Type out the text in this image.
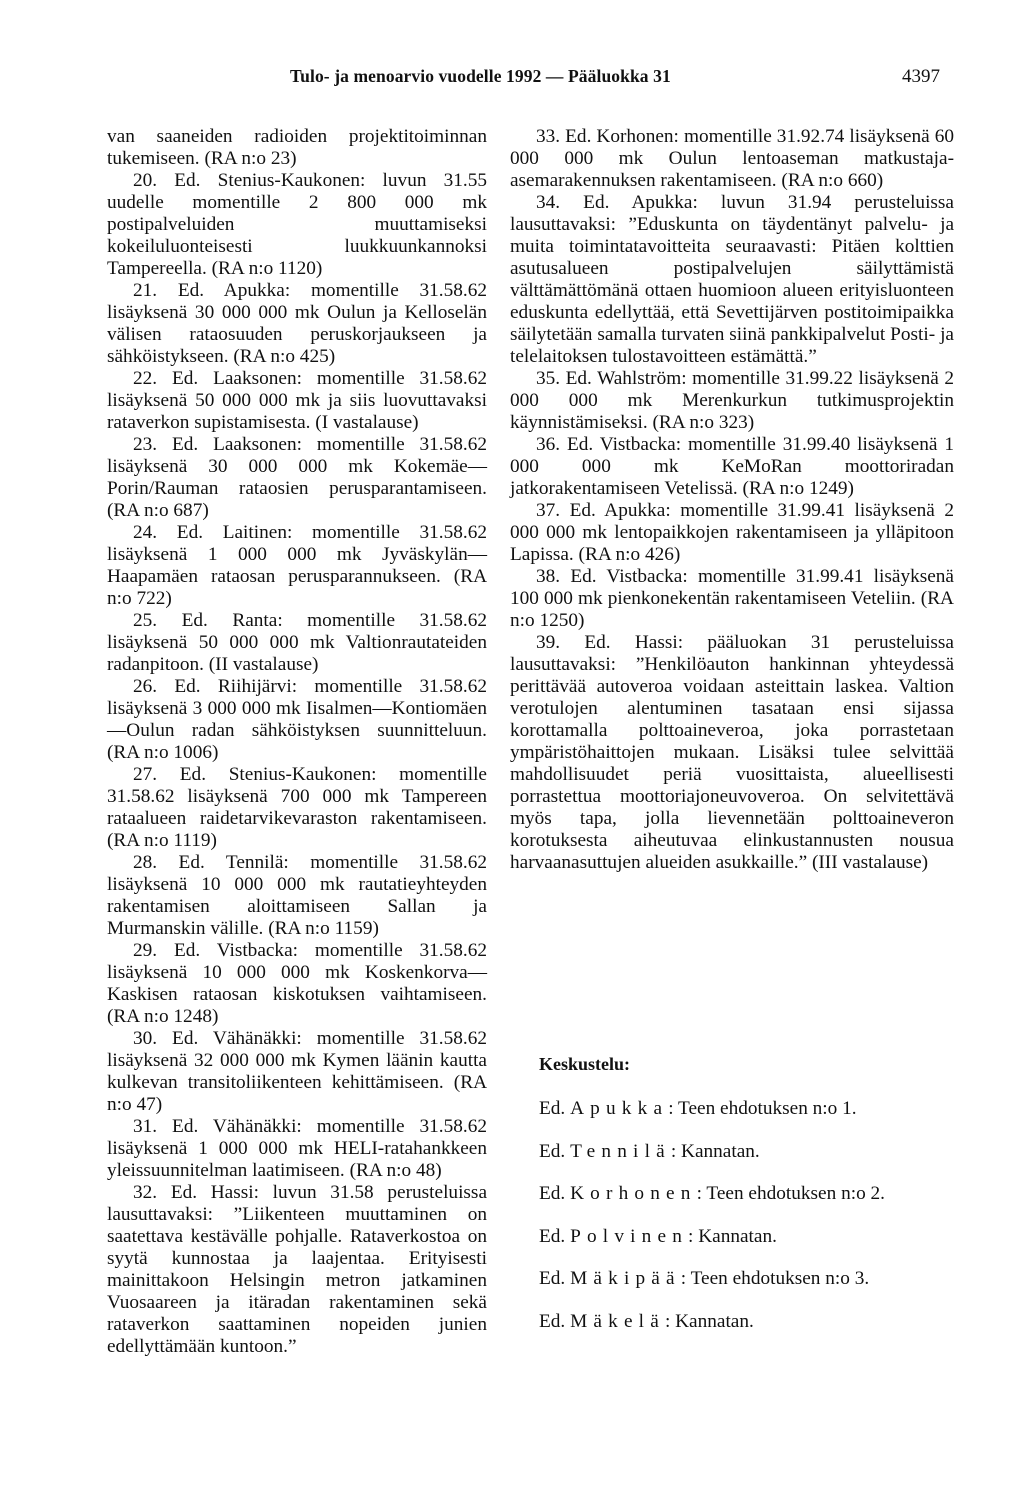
Tulo- ja menoarvio vuodelle 1992 — Pääluokka 31	4397

van saaneiden radioiden projektitoiminnan tukemiseen. (RA n:o 23)

20. Ed. Stenius-Kaukonen: luvun 31.55 uudelle momentille 2 800 000 mk postipalveluiden muuttamiseksi kokeiluluonteisesti luukkuunkannoksi Tampereella. (RA n:o 1120)

21. Ed. Apukka: momentille 31.58.62 lisäyksenä 30 000 000 mk Oulun ja Kelloselän välisen rataosuuden peruskorjaukseen ja sähköistykseen. (RA n:o 425)

22. Ed. Laaksonen: momentille 31.58.62 lisäyksenä 50 000 000 mk ja siis luovuttavaksi rataverkon supistamisesta. (I vastalause)

23. Ed. Laaksonen: momentille 31.58.62 lisäyksenä 30 000 000 mk Kokemäe—Porin/Rauman rataosien perusparantamiseen. (RA n:o 687)

24. Ed. Laitinen: momentille 31.58.62 lisäyksenä 1 000 000 mk Jyväskylän—Haapamäen rataosan perusparannukseen. (RA n:o 722)

25. Ed. Ranta: momentille 31.58.62 lisäyksenä 50 000 000 mk Valtionrautateiden radanpitoon. (II vastalause)

26. Ed. Riihijärvi: momentille 31.58.62 lisäyksenä 3 000 000 mk Iisalmen—Kontiomäen—Oulun radan sähköistyksen suunnitteluun. (RA n:o 1006)

27. Ed. Stenius-Kaukonen: momentille 31.58.62 lisäyksenä 700 000 mk Tampereen rataalueen raidetarvikevaraston rakentamiseen. (RA n:o 1119)

28. Ed. Tennilä: momentille 31.58.62 lisäyksenä 10 000 000 mk rautatieyhteyden rakentamisen aloittamiseen Sallan ja Murmanskin välille. (RA n:o 1159)

29. Ed. Vistbacka: momentille 31.58.62 lisäyksenä 10 000 000 mk Koskenkorva—Kaskisen rataosan kiskotuksen vaihtamiseen. (RA n:o 1248)

30. Ed. Vähänäkki: momentille 31.58.62 lisäyksenä 32 000 000 mk Kymen läänin kautta kulkevan transitoliikenteen kehittämiseen. (RA n:o 47)

31. Ed. Vähänäkki: momentille 31.58.62 lisäyksenä 1 000 000 mk HELI-ratahankkeen yleissuunnitelman laatimiseen. (RA n:o 48)

32. Ed. Hassi: luvun 31.58 perusteluissa lausuttavaksi: ”Liikenteen muuttaminen on saatettava kestävälle pohjalle. Rataverkostoa on syytä kunnostaa ja laajentaa. Erityisesti mainittakoon Helsingin metron jatkaminen Vuosaareen ja itäradan rakentaminen sekä rataverkon saattaminen nopeiden junien edellyttämään kuntoon.”

33. Ed. Korhonen: momentille 31.92.74 lisäyksenä 60 000 000 mk Oulun lentoaseman matkustaja-asemarakennuksen rakentamiseen. (RA n:o 660)

34. Ed. Apukka: luvun 31.94 perusteluissa lausuttavaksi: ”Eduskunta on täydentänyt palvelu- ja muita toimintatavoitteita seuraavasti: Pitäen kolttien asutusalueen postipalvelujen säilyttämistä välttämättömänä ottaen huomioon alueen erityisluonteen eduskunta edellyttää, että Sevettijärven postitoimipaikka säilytetään samalla turvaten siinä pankkipalvelut Posti- ja telelaitoksen tulostavoitteen estämättä.”

35. Ed. Wahlström: momentille 31.99.22 lisäyksenä 2 000 000 mk Merenkurkun tutkimusprojektin käynnistämiseksi. (RA n:o 323)

36. Ed. Vistbacka: momentille 31.99.40 lisäyksenä 1 000 000 mk KeMoRan moottoriradan jatkorakentamiseen Vetelissä. (RA n:o 1249)

37. Ed. Apukka: momentille 31.99.41 lisäyksenä 2 000 000 mk lentopaikkojen rakentamiseen ja ylläpitoon Lapissa. (RA n:o 426)

38. Ed. Vistbacka: momentille 31.99.41 lisäyksenä 100 000 mk pienkonekentän rakentamiseen Veteliin. (RA n:o 1250)

39. Ed. Hassi: pääluokan 31 perusteluissa lausuttavaksi: ”Henkilöauton hankinnan yhteydessä perittävää autoveroa voidaan asteittain laskea. Valtion verotulojen alentuminen tasataan ensi sijassa korottamalla polttoaineveroa, joka porrastetaan ympäristöhaittojen mukaan. Lisäksi tulee selvittää mahdollisuudet periä vuosittaista, alueellisesti porrastettua moottoriajoneuvoveroa. On selvitettävä myös tapa, jolla lievennetään polttoaineveron korotuksesta aiheutuvaa elinkustannusten nousua harvaanasuttujen alueiden asukkaille.” (III vastalause)

Keskustelu:
Ed. Apukka: Teen ehdotuksen n:o 1.
Ed. Tennilä: Kannatan.
Ed. Korhonen: Teen ehdotuksen n:o 2.
Ed. Polvinen: Kannatan.
Ed. Mäkipää: Teen ehdotuksen n:o 3.
Ed. Mäkelä: Kannatan.
